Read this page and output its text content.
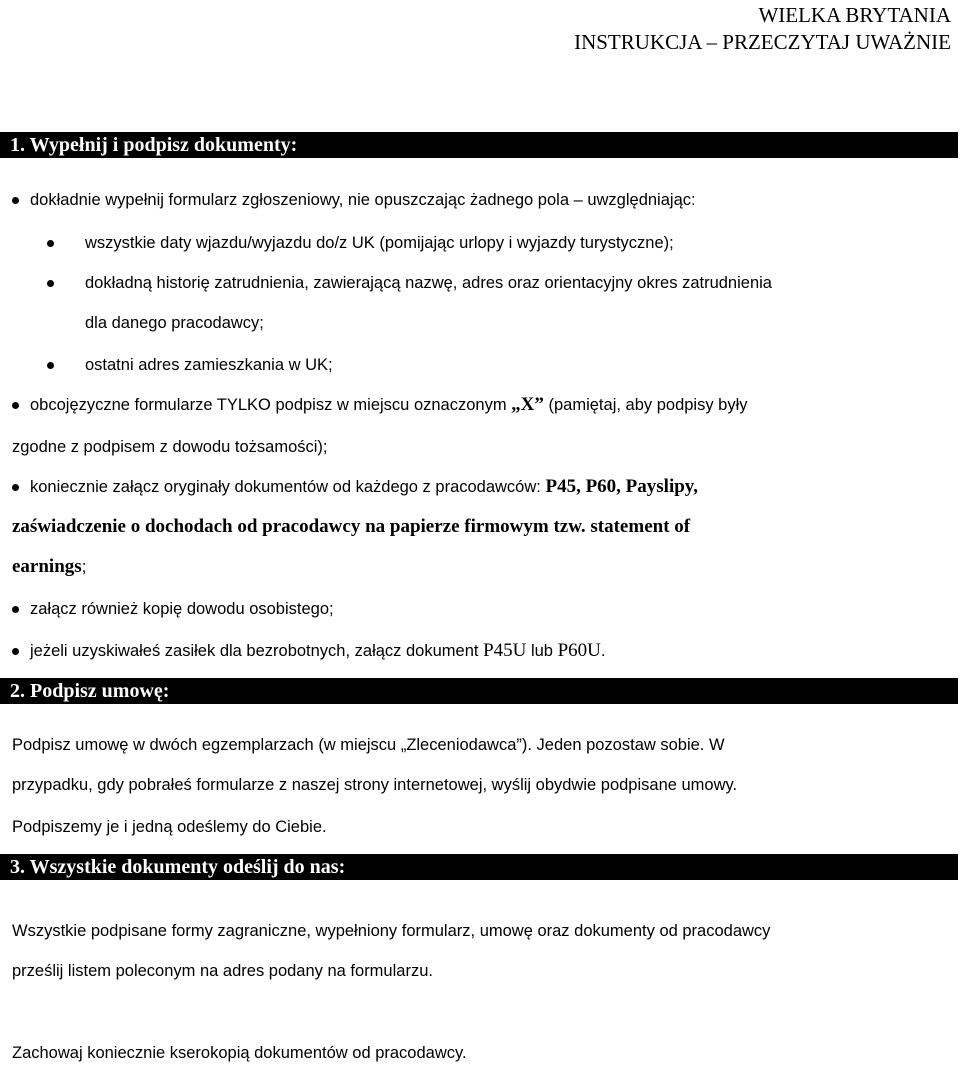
WIELKA BRYTANIA
INSTRUKCJA – PRZECZYTAJ UWAŻNIE
1. Wypełnij i podpisz dokumenty:
dokładnie wypełnij formularz zgłoszeniowy, nie opuszczając żadnego pola – uwzględniając:
wszystkie daty wjazdu/wyjazdu do/z UK (pomijając urlopy i wyjazdy turystyczne);
dokładną historię zatrudnienia, zawierającą nazwę, adres oraz orientacyjny okres zatrudnienia
dla danego pracodawcy;
ostatni adres zamieszkania w UK;
obcojęzyczne formularze TYLKO podpisz w miejscu oznaczonym „X” (pamiętaj, aby podpisy były
zgodne z podpisem z dowodu tożsamości);
koniecznie załącz oryginały dokumentów od każdego z pracodawców: P45, P60, Payslipy,
zaświadczenie o dochodach od pracodawcy na papierze firmowym tzw. statement of
earnings;
załącz również kopię dowodu osobistego;
jeżeli uzyskiwałeś zasiłek dla bezrobotnych, załącz dokument P45U lub P60U.
2. Podpisz umowę:
Podpisz umowę w dwóch egzemplarzach (w miejscu „Zleceniodawca”). Jeden pozostaw sobie. W
przypadku, gdy pobrałeś formularze z naszej strony internetowej, wyślij obydwie podpisane umowy.
Podpiszemy je i jedną odeślemy do Ciebie.
3. Wszystkie dokumenty odeślij do nas:
Wszystkie podpisane formy zagraniczne, wypełniony formularz, umowę oraz dokumenty od pracodawcy
prześlij listem poleconym na adres podany na formularzu.
Zachowaj koniecznie kserokopią dokumentów od pracodawcy.
